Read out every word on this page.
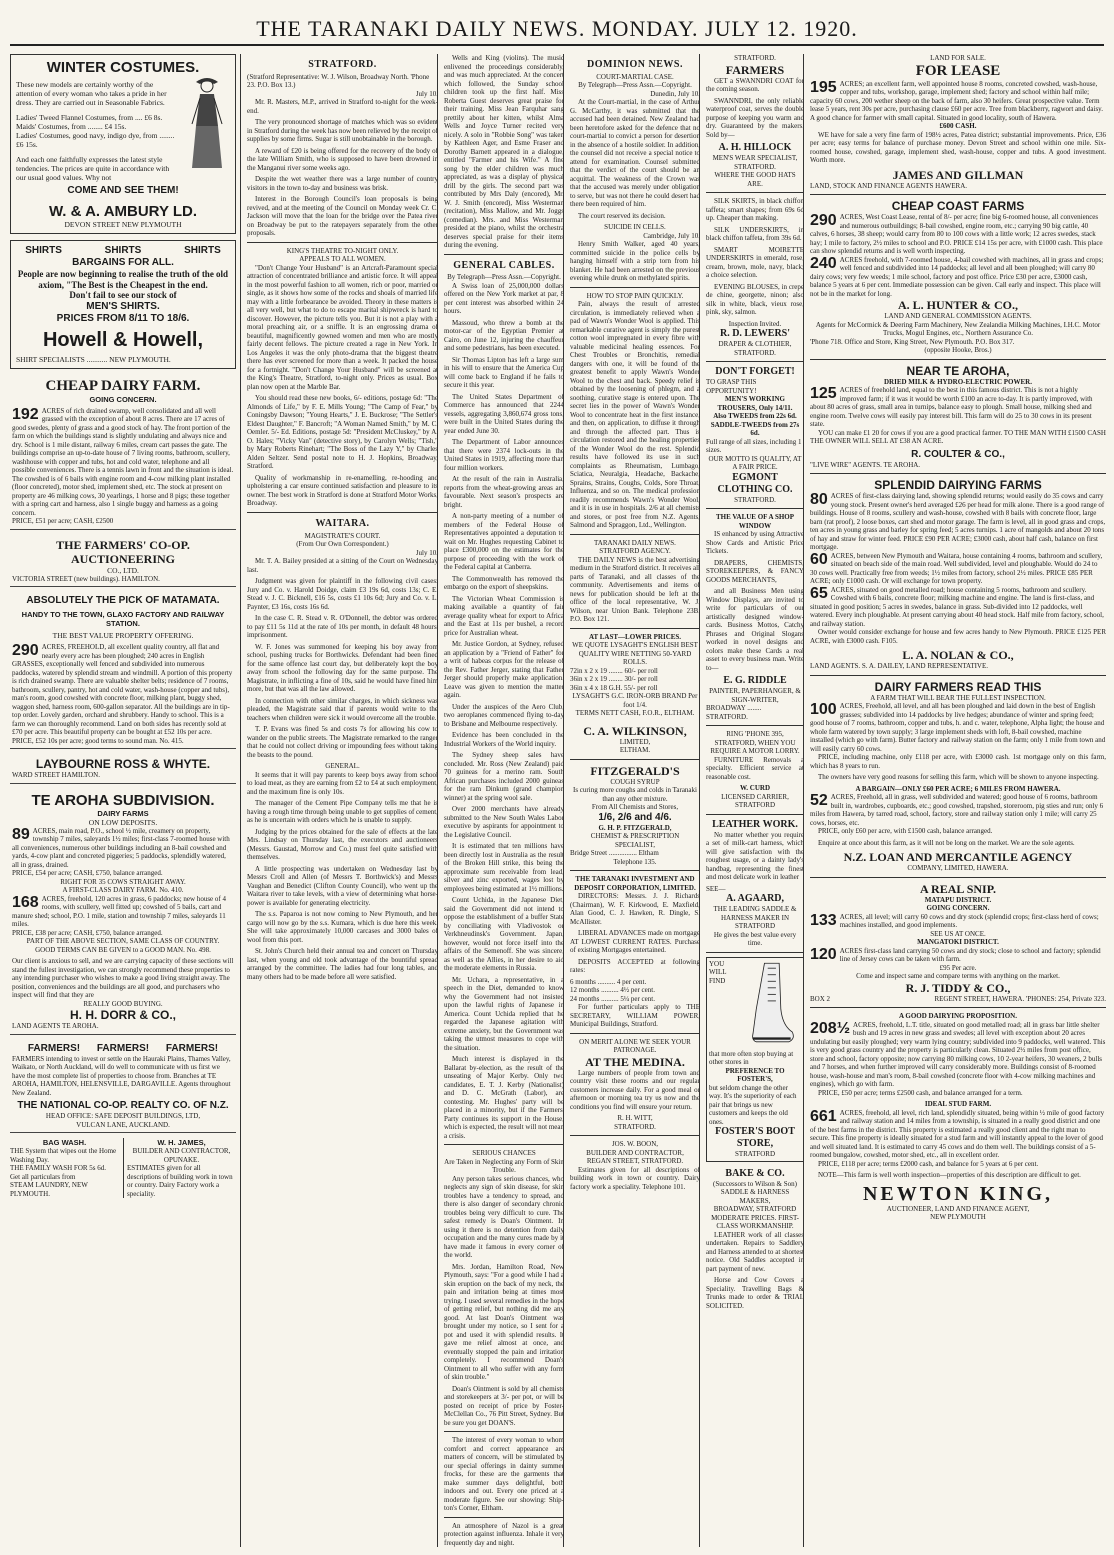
THE TARANAKI DAILY NEWS. MONDAY. JULY 12. 1920.
WINTER COSTUMES.
These new models are certainly worthy of the attention of every woman who takes a pride in her dress. They are carried out in Seasonable Fabrics.
Ladies' Tweed Flannel Costumes, from .... £6 8s.
Maids' Costumes, from ........ £4 15s.
Ladies' Costumes, good navy, indigo dye, from ........ £6 15s.
And each one faithfully expresses the latest style tendencies. The prices are quite in accordance with our usual good values. Why not
COME AND SEE THEM!
W. & A. AMBURY LD.
DEVON STREET NEW PLYMOUTH
SHIRTS SHIRTS SHIRTS
BARGAINS FOR ALL.
People are now beginning to realise the truth of the old axiom, "The Best is the Cheapest in the end.
Don't fail to see our stock of
MEN'S SHIRTS.
PRICES FROM 8/11 TO 18/6.
Howell & Howell,
SHIRT SPECIALISTS ........... NEW PLYMOUTH.
CHEAP DAIRY FARM.
GOING CONCERN.
192 ACRES of rich drained swamp, well consolidated and all well grassed with the exception of about 8 acres. There are 17 acres of good swedes, plenty of grass and a good stock of hay. The front portion of the farm on which the buildings stand is slightly undulating and always nice and dry. School is 1 mile distant, railway 6 miles, cream cart passes the gate. The buildings comprise an up-to-date house of 7 living rooms, bathroom, scullery, washhouse with copper and tubs, hot and cold water, telephone and all possible conveniences. There is a tennis lawn in front and the situation is ideal. The cowshed is of 6 bails with engine room and 4-cow milking plant installed (floor concreted), motor shed, implement shed, etc. The stock at present on property are 46 milking cows, 30 yearlings, 1 horse and 8 pigs; these together with a spring cart and harness, also 1 single buggy and harness as a going concern.
PRICE, £51 per acre; CASH, £2500
THE FARMERS' CO-OP. AUCTIONEERING
CO., LTD.
VICTORIA STREET (new buildings). HAMILTON.
ABSOLUTELY THE PICK OF MATAMATA.
HANDY TO THE TOWN, GLAXO FACTORY AND RAILWAY STATION.
THE BEST VALUE PROPERTY OFFERING.
290 ACRES, FREEHOLD, all excellent quality country, all flat and nearly every acre has been ploughed; 240 acres in English GRASSES, exceptionally well fenced and subdivided into numerous paddocks, watered by splendid stream and windmill. A portion of this property is rich drained swamp. There are valuable shelter belts; residence of 7 rooms, bathroom, scullery, pantry, hot and cold water, wash-house (copper and tubs), man's room, good cowshed with concrete floor, milking plant, buggy shed, waggon shed, harness room, 600-gallon separator. All the buildings are in tip-top order. Lovely garden, orchard and shrubbery. Handy to school. This is a farm we can thoroughly recommend. Land on both sides has recently sold at £70 per acre. This beautiful property can be bought at £52 10s per acre.
PRICE, £52 10s per acre; good terms to sound man. No. 415.
LAYBOURNE ROSS & WHYTE.
WARD STREET HAMILTON.
TE AROHA SUBDIVISION.
DAIRY FARMS
ON LOW DEPOSITS.
89 ACRES, main road, P.O., school ½ mile, creamery on property, township 7 miles, saleyards 1½ miles; first-class 7-roomed house with all conveniences, numerous other buildings including an 8-bail cowshed and yards, 4-cow plant and concreted piggeries; 5 paddocks, splendidly watered, all in grass, drained.
PRICE, £54 per acre; CASH, £750, balance arranged.
RIGHT FOR 35 COWS STRAIGHT AWAY.
A FIRST-CLASS DAIRY FARM. No. 410.
168 ACRES, freehold, 120 acres in grass, 6 paddocks; new house of 4 rooms, with scullery, well fitted up; cowshed of 5 bails, cart and manure shed; school, P.O. 1 mile, station and township 7 miles, saleyards 11 miles.
PRICE, £38 per acre; CASH, £750, balance arranged.
PART OF THE ABOVE SECTION, SAME CLASS OF COUNTRY.
GOOD TERMS CAN BE GIVEN to a GOOD MAN. No. 498.
Our client is anxious to sell, and we are carrying capacity of these sections will stand the fullest investigation, we can strongly recommend these properties to any intending purchaser who wishes to make a good living straight away. The position, conveniences and the buildings are all good, and purchasers who inspect will find that they are
REALLY GOOD BUYING.
H. H. DORR & CO.,
LAND AGENTS TE AROHA.
FARMERS! FARMERS! FARMERS!
FARMERS intending to invest or settle on the Hauraki Plains, Thames Valley, Waikato, or North Auckland, will do well to communicate with us first we have the most complete list of properties to choose from. Branches at TE AROHA, HAMILTON, HELENSVILLE, DARGAVILLE. Agents throughout New Zealand.
THE NATIONAL CO-OP. REALTY CO. OF N.Z.
HEAD OFFICE: SAFE DEPOSIT BUILDINGS, LTD,
VULCAN LANE, AUCKLAND.
BAG WASH.
THE System that wipes out the Home Washing Day.
THE FAMILY WASH FOR 5s 6d.
Get all particulars from
STEAM LAUNDRY, NEW PLYMOUTH.
W. H. JAMES,
BUILDER AND CONTRACTOR, OPUNAKE.
ESTIMATES given for all descriptions of building work in town or country. Dairy Factory work a speciality.
STRATFORD.
(Stratford Representative: W. J. Wilson, Broadway North. 'Phone 23. P.O. Box 13.)
July 10.

Mr. R. Masters, M.P., arrived in Stratford to-night for the week-end.

The very pronounced shortage of matches which was so evident in Stratford during the week has now been relieved by the receipt of supplies by some firms. Sugar is still unobtainable in the borough.

A reward of £20 is being offered for the recovery of the body of the late William Smith, who is supposed to have been drowned in the Manganui river some weeks ago.

Despite the wet weather there was a large number of country visitors in the town to-day and business was brisk.

Interest in the Borough Council's loan proposals is being revived, and at the meeting of the Council on Monday week Cr. C. Jackson will move that the loan for the bridge over the Patea river on Broadway be put to the ratepayers separately from the other proposals.

KING'S THEATRE TO-NIGHT ONLY.
APPEALS TO ALL WOMEN.

"Don't Change Your Husband" is an Artcraft-Paramount special attraction of concentrated brilliance and artistic force. It will appeal in the most powerful fashion to all women, rich or poor, married or single, as it shows how some of the rocks and shoals of married life may with a little forbearance be avoided. Theory in these matters is all very well, but what to do to escape marital shipwreck is hard to discover. However, the picture tells you. But it is not a play with a moral preaching air, or a sniffle. It is an engrossing drama of beautiful, magnificently gowned women and men who are mostly fairly decent fellows. The picture created a rage in New York. In Los Angeles it was the only photo-drama that the biggest theatre there has ever screened for more than a week. It packed the house for a fortnight. "Don't Change Your Husband" will be screened at the King's Theatre, Stratford, to-night only. Prices as usual. Box plan now open at the Marble Bar.

You should read these new books, 6/- editions, postage 6d: "The Almonds of Life," by F. E. Mills Young; "The Camp of Fear," by Coningsby Dawson; "Young Hearts," J. E. Buckrose; "The Settler's Eldest Daughter," F. Bancroft; "A Woman Named Smith," by M. C. Oemler. 5/- Ed. Editions, postage 5d: "President McCluskey," by A. O. Hales; "Vicky Van" (detective story), by Carolyn Wells; "Tish," by Mary Roberts Rinehart; "The Boss of the Lazy Y," by Charles Alden Seltzer. Send postal note to H. J. Hopkins, Broadway, Stratford.

Quality of workmanship in re-enamelling, re-hooding and upholstering a car ensure continued satisfaction and pleasure to its owner. The best work in Stratford is done at Stratford Motor Works, Broadway.

WAITARA.
MAGISTRATE'S COURT.
(From Our Own Correspondent.)
July 10.

Mr. T. A. Bailey presided at a sitting of the Court on Wednesday last.

Judgment was given for plaintiff in the following civil cases: Jury and Co. v. Harold Doidge, claim £3 19s 6d, costs 13s; C. E. Stead v. J. C. Bicknell, £16 5s, costs £1 10s 6d; Jury and Co. v. L. Paynter, £3 16s, costs 16s 6d.

In the case C. R. Stead v. R. O'Donnell, the debtor was ordered to pay £11 5s 11d at the rate of 10s per month, in default 48 hours' imprisonment.

W. F. Jones was summoned for keeping his boy away from school, pushing trucks for Borthwicks. Defendant had been fined for the same offence last court day, but deliberately kept the boy away from school the following day for the same purpose. The Magistrate, in inflicting a fine of 10s, said he would have fined him more, but that was all the law allowed.

In connection with other similar charges, in which sickness was pleaded, the Magistrate said that if parents would write to the teachers when children were sick it would overcome all the trouble.

T. P. Evans was fined 5s and costs 7s for allowing his cow to wander on the public streets. The Magistrate remarked to the ranger that he could not collect driving or impounding fees without taking the beasts to the pound.

GENERAL.

It seems that it will pay parents to keep boys away from school to load meat, as they are earning from £2 to £4 at such employment, and the maximum fine is only 10s.

The manager of the Cement Pipe Company tells me that he is having a rough time through being unable to get supplies of cement, as he is uncertain with orders which he is unable to supply.

Judging by the prices obtained for the sale of effects at the late Mrs. Lindsay on Thursday last, the executors and auctioneers (Messrs. Gaustad, Morrow and Co.) must feel quite satisfied with themselves.

A little prospecting was undertaken on Wednesday last by Messrs Croll and Allen (of Messrs T. Borthwick's) and Messrs Vaughan and Benedict (Clifton County Council), who went up the Waitara river to take levels, with a view of determining what horse-power is available for generating electricity.

The s.s. Paparoa is not now coming to New Plymouth, and her cargo will now go by the s.s. Kumara, which is due here this week. She will take approximately 10,000 carcases and 3000 bales of wool from this port.

St. John's Church held their annual tea and concert on Thursday last, when young and old took advantage of the bountiful spread arranged by the committee. The ladies had four long tables, and many others had to be made before all were satisfied.

Wells and King (violins). The music enlivened the proceedings considerably, and was much appreciated. At the concert which followed, the Sunday school children took up the first half. Miss Roberta Guest deserves great praise for their training. Miss Jean Farquhar sang prettily about her kitten, whilst Alma Wells and Joyce Turner recited very nicely. A solo in "Robbie Song" was taken by Kathleen Ager, and Esme Fraser and Dorothy Barnett appeared in a dialogue, entitled "Farmer and his Wife." A fine song by the elder children was much appreciated, as was a display of physical drill by the girls. The second part was contributed by Mrs Daly (encored), Mr. W. J. Smith (encored), Miss Westerman (recitation), Miss Mallow, and Mr. Joggs (comedian). Mrs. and Miss Westerman presided at the piano, whilst the orchestra deserves special praise for their items during the evening.

GENERAL CABLES.
By Telegraph—Press Assn.—Copyright.

A Swiss loan of 25,000,000 dollars offered on the New York market at par, 8 per cent interest was absorbed within 24 hours.

Massoud, who threw a bomb at the motor-car of the Egyptian Premier at Cairo, on June 12, injuring the chauffeur and some pedestrians, has been executed.

Sir Thomas Lipton has left a large sum in his will to ensure that the America Cup will come back to England if he fails to secure it this year.

The United States Department of Commerce has announced that 2244 vessels, aggregating 3,860,674 gross tons, were built in the United States during the year ended June 30.

The Department of Labor announces that there were 2374 lock-outs in the United States in 1919, affecting more than four million workers.

At the result of the rain in Australia, reports from the wheat-growing areas are favourable. Next season's prospects are bright.

A non-party meeting of a number of members of the Federal House of Representatives appointed a deputation to wait on Mr. Hughes requesting Cabinet to place £300,000 on the estimates for the purpose of proceeding with the work of the Federal capital at Canberra.

The Commonwealth has removed the embargo on the export of sheepskins.

The Victorian Wheat Commission is making available a quantity of fair average quality wheat for export to Africa and the East at 11s per bushel, a record price for Australian wheat.

Mr. Justice Gordon, at Sydney, refused an application by a "Friend of Father" for a writ of habeas corpus for the release of the Rev. Father Jerger, stating that Father Jerger should properly make application. Leave was given to mention the matter again.

Under the auspices of the Aero Club, two aeroplanes commenced flying to-day to Brisbane and Melbourne respectively.

Evidence has been concluded in the Industrial Workers of the World inquiry.

The Sydney sheep sales have concluded. Mr. Ross (New Zealand) paid 70 guineas for a merino ram. South African purchases included 2000 guineas for the ram Dinkum (grand champion winner) at the spring wool sale.

Over 2000 merchants have already submitted to the New South Wales Labor executive by aspirants for appointment to the Legislative Council.

It is estimated that ten millions have been directly lost in Australia as the result of the Broken Hill strike, this being the approximate sum receivable from lead, silver and zinc exported, wages lost by employees being estimated at 1½ millions.

Count Uchida, in the Japanese Diet, said the Government did not intend to oppose the establishment of a buffer State by conciliating with Vladivostok or Verkhneudinsk's Government. Japan, however, would not force itself into the affairs of the Semenoff. She was sincere, as well as the Allies, in her desire to aid the moderate elements in Russia.

Mr. Uchara, a representative, in a speech in the Diet, demanded to know why the Government had not insisted upon the lawful rights of Japanese in America. Count Uchida replied that he regarded the Japanese agitation with extreme anxiety, but the Government was taking the utmost measures to cope with the situation.

Much interest is displayed in the Ballarat by-election, as the result of the unseating of Major Kerby. Only two candidates, E. T. J. Kerby (Nationalist) and D. C. McGrath (Labor), are contesting. Mr. Hughes' party will be placed in a minority, but if the Farmers' Party continues its support in the House, which is expected, the result will not mean a crisis.

SERIOUS CHANCES
Are Taken in Neglecting any Form of Skin Trouble.

Any person takes serious chances, who neglects any sign of skin disease, for skin troubles have a tendency to spread, and there is also danger of secondary chronic troubles being very difficult to cure. The safest remedy is Doan's Ointment. In using it there is no detention from daily occupation and the many cures made by it have made it famous in every corner of the world.

Mrs. Jordan, Hamilton Road, New Plymouth, says: "For a good while I had a skin eruption on the back of my neck, the pain and irritation being at times most trying. I used several remedies in the hope of getting relief, but nothing did me any good. At last Doan's Ointment was brought under my notice, so I sent for a pot and used it with splendid results. It gave me relief almost at once, and eventually stopped the pain and irritation completely. I recommend Doan's Ointment to all who suffer with any form of skin trouble."

Doan's Ointment is sold by all chemists and storekeepers at 3/- per pot, or will be posted on receipt of price by Foster-McClellan Co., 76 Pitt Street, Sydney. But be sure you get DOAN'S.

The interest of every woman to whom comfort and correct appearance are matters of concern, will be stimulated by our special offerings in dainty summer frocks, for these are the garments that make summer days delightful, both indoors and out. Every one priced at a moderate figure. See our showing: Ship-ton's Corner, Eltham.

An atmosphere of Nazol is a great protection against influenza. Inhale it very frequently day and night.

DOMINION NEWS.
COURT-MARTIAL CASE.
By Telegraph—Press Assn.—Copyright.
Dunedin, July 10.

At the Court-martial, in the case of Arthur G. McCarthy, it was submitted that the accused had been detained. New Zealand had been heretofore asked for the defence that no court-martial to convict a person for desertion in the absence of a hostile soldier. In addition, the counsel did not receive a special notice to attend for examination. Counsel submitted that the verdict of the court should be an acquittal. The weakness of the Crown was that the accused was merely under obligation to serve, but was not there he could desert had there been required of him.

The court reserved its decision.

SUICIDE IN CELLS.
Cambridge, July 10.

Henry Smith Walker, aged 40 years, committed suicide in the police cells by hanging himself with a strip torn from his blanket. He had been arrested on the previous evening while drunk on methylated spirits.

HOW TO STOP PAIN QUICKLY.

Pain, always the result of arrested circulation, is immediately relieved when a pad of Wawn's Wonder Wool is applied. This remarkable curative agent is simply the purest cotton wool impregnated in every fibre with valuable medicinal healing essences. For Chest Troubles or Bronchitis, remedial dangers with one, it will be found of the greatest benefit to apply Wawn's Wonder Wool to the chest and back. Speedy relief is obtained by the loosening of phlegm, and a soothing, curative stage is entered upon. The secret lies in the power of Wawn's Wonder Wool to concentrate heat in the first instance, and then, on application, to diffuse it through and through the affected part. Thus is circulation restored and the healing properties of the Wonder Wool do the rest. Splendid results have followed its use in such complaints as Rheumatism, Lumbago, Sciatica, Neuralgia, Headache, Backache, Sprains, Strains, Coughs, Colds, Sore Throat, Influenza, and so on. The medical profession readily recommends Wawn's Wonder Wool, and it is in use in hospitals. 2/6 at all chemists and stores, or post free from N.Z. Agents, Salmond and Spraggon, Ltd., Wellington.

TARANAKI DAILY NEWS.
STRATFORD AGENCY.

THE DAILY NEWS is the best advertising medium in the Stratford district. It receives all parts of Taranaki, and all classes of the community. Advertisements and items of news for publication should be left at the office of the local representative, W. J. Wilson, near Union Bank. Telephone 23B. P.O. Box 121.

AT LAST—LOWER PRICES.
WE QUOTE LYSAGHT'S ENGLISH BEST QUALITY WIRE NETTING 50-YARD ROLLS.
72in x 2 x 19 ........ 60/- per roll
36in x 2 x 19 ........ 30/- per roll
36in x 4 x 18 G.H. 55/- per roll
LYSAGHT'S G.C. IRON-ORB BRAND Per foot 1/4.
TERMS NETT CASH, F.O.R., ELTHAM.
C. A. WILKINSON,
LIMITED,
ELTHAM.
FITZGERALD'S
COUGH SYRUP
Is curing more coughs and colds in Taranaki than any other mixture.
From All Chemists and Stores,
1/6, 2/6 and 4/6.
G. H. P. FITZGERALD,
CHEMIST & PRESCRIPTION SPECIALIST,
Bridge Street ................ Eltham
Telephone 135.
THE TARANAKI INVESTMENT AND DEPOSIT CORPORATION, LIMITED.

DIRECTORS: Messrs. J. J. Richards (Chairman), W. F. Kirkwood, E. Maxfield, Alan Good, C. J. Hawken, R. Dingle, S. McAllister.

LIBERAL ADVANCES made on mortgage AT LOWEST CURRENT RATES. Purchase of existing Mortgages entertained.

DEPOSITS ACCEPTED at following rates:

6 months .......... 4 per cent.
12 months .......... 4½ per cent.
24 months .......... 5¼ per cent.

For further particulars apply to THE SECRETARY, WILLIAM POWER, Municipal Buildings, Stratford.

ON MERIT ALONE WE SEEK YOUR PATRONAGE.
AT THE MEDINA.

Large numbers of people from town and country visit these rooms and our regular customers increase daily. For a good meal or afternoon or morning tea try us now and the conditions you find will ensure your return.

R. H. WITT,
STRATFORD.
JOS. W. BOON,
BUILDER AND CONTRACTOR,
REGAN STREET, STRATFORD.

Estimates given for all descriptions of building work in town or country. Dairy factory work a speciality. Telephone 101.

STRATFORD.
FARMERS

GET a SWANNDRI COAT for the coming season.

SWANNDRI, the only reliable waterproof coat, serves the double purpose of keeping you warm and dry. Guaranteed by the makers. Sold by—

A. H. HILLOCK
MEN'S WEAR SPECIALIST,
STRATFORD.
WHERE THE GOOD HATS ARE.

SILK SKIRTS, in black chiffon taffeta; smart shapes; from 69s 6d up. Cheaper than making.

SILK UNDERSKIRTS, in black chiffon taffeta, from 39s 6d.

SMART MOIRETTE UNDERSKIRTS in emerald, rose, cream, brown, mole, navy, black; a choice selection.

EVENING BLOUSES, in crepe de chine, georgette, ninon; also silk in white, black, vieux rose, pink, sky, salmon.

Inspection Invited.
R. D. LEWERS'
DRAPER & CLOTHIER,
STRATFORD.
DON'T FORGET!
TO GRASP THIS OPPORTUNITY!
MEN'S WORKING TROUSERS, Only 14/11.
Also TWEEDS from 22s 6d.
SADDLE-TWEEDS from 27s 6d.
Full range of all sizes, including 1 sizes.
OUR MOTTO IS QUALITY, AT A FAIR PRICE.
EGMONT CLOTHING CO.
STRATFORD.
THE VALUE OF A SHOP WINDOW

IS enhanced by using Attractive Show Cards and Artistic Price Tickets.

DRAPERS, CHEMISTS, STOREKEEPERS, & FANCY GOODS MERCHANTS,

and all Business Men using Window Displays, are invited to write for particulars of our artistically designed window-cards. Business Mottos, Catchy Phrases and Original Slogans worked in novel designs and colors make these Cards a real asset to every business man. Write to—

E. G. RIDDLE
PAINTER, PAPERHANGER, & SIGN-WRITER,
BROADWAY ........ STRATFORD.
RING 'PHONE 395, STRATFORD, WHEN YOU REQUIRE A MOTOR LORRY.

FURNITURE Removals a specialty. Efficient service at reasonable cost.

W. CURD
LICENSED CARRIER, STRATFORD
LEATHER WORK.

No matter whether you require a set of milk-cart harness, which will give satisfaction with the roughest usage, or a dainty lady's handbag, representing the finest and most delicate work in leather

SEE—
A. AGAARD,
THE LEADING SADDLE & HARNESS MAKER IN STRATFORD
He gives the best value every time.
YOU WILL FIND
that more often stop buying at other stores in
PREFERENCE TO FOSTER'S,
but seldom change the other way. It's the superiority of each pair that brings us new customers and keeps the old ones.
FOSTER'S BOOT STORE,
STRATFORD
BAKE & CO.
(Successors to Wilson & Son)
SADDLE & HARNESS MAKERS,
BROADWAY, STRATFORD
MODERATE PRICES. FIRST-CLASS WORKMANSHIP.

LEATHER work of all classes undertaken. Repairs to Saddlery and Harness attended to at shortest notice. Old Saddles accepted in part payment of new.

Horse and Cow Covers a Speciality. Travelling Bags & Trunks made to order & TRIAL SOLICITED.

LAND FOR SALE.
FOR LEASE
195 ACRES; an excellent farm, well appointed house 8 rooms, concreted cowshed, wash-house, copper and tubs, workshop, garage, implement shed; factory and school within half mile; capacity 60 cows, 200 wether sheep on the back of farm, also 30 heifers. Great prospective value. Term lease 5 years, rent 30s per acre, purchasing clause £60 per acre. Tree from blackberry, ragwort and daisy. A good chance for farmer with small capital. Situated in good locality, south of Hawera.
£600 CASH.

WE have for sale a very fine farm of 198½ acres, Patea district; substantial improvements. Price, £36 per acre; easy terms for balance of purchase money. Devon Street and school within one mile. Six-roomed house, cowshed, garage, implement shed, wash-house, copper and tubs. A good investment. Worth more.

JAMES AND GILLMAN
LAND, STOCK AND FINANCE AGENTS HAWERA.
CHEAP COAST FARMS
290 ACRES, West Coast Lease, rental of 8/- per acre; fine big 6-roomed house, all conveniences and numerous outbuildings; 8-bail cowshed, engine room, etc.; carrying 90 big cattle, 40 calves, 6 horses, 38 sheep; would carry from 80 to 100 cows with a little work; 12 acres swedes, stack hay; 1 mile to factory, 2½ miles to school and P.O. PRICE £14 15s per acre, with £1000 cash. This place can show splendid returns and is well worth inspecting.
240 ACRES freehold, with 7-roomed house, 4-bail cowshed with machines, all in grass and crops; well fenced and subdivided into 14 paddocks; all level and all been ploughed; will carry 80 dairy cows; very few weeds; 1 mile school, factory and post office. Price £30 per acre, £3000 cash, balance 5 years at 6 per cent. Immediate possession can be given. Call early and inspect. This place will not be in the market for long.
A. L. HUNTER & CO.,
LAND AND GENERAL COMMISSION AGENTS.
Agents for McCormick & Deering Farm Machinery, New Zealandia Milking Machines, I.H.C. Motor Trucks, Mogul Engines, etc., Northern Assurance Co.
'Phone 718. Office and Store, King Street, New Plymouth. P.O. Box 317.
(opposite Hooke, Bros.)
NEAR TE AROHA,
DRIED MILK & HYDRO-ELECTRIC POWER.
125 ACRES of freehold land, equal to the best in this famous district. This is not a highly improved farm; if it was it would be worth £100 an acre to-day. It is partly improved, with about 80 acres of grass, small area in turnips, balance easy to plough. Small house, milking shed and engine room. Twelve cows will easily pay interest bill. This farm will do 25 to 30 cows in its present state.

YOU can make £1 20 for cows if you are a good practical farmer. TO THE MAN WITH £1500 CASH THE OWNER WILL SELL AT £38 AN ACRE.

R. COULTER & CO.,
"LIVE WIRE" AGENTS. TE AROHA.
SPLENDID DAIRYING FARMS
80 ACRES of first-class dairying land, showing splendid returns; would easily do 35 cows and carry young stock. Present owner's herd averaged £26 per head for milk alone. There is a good range of buildings. House of 8 rooms, scullery and wash-house, cowshed with 8 bails with concrete floor, large barn (rat proof), 2 loose boxes, cart shed and motor garage. The farm is level, all in good grass and crops, ten acres in young grass and barley for spring feed; 5 acres turnips. 1 acre of mangolds and about 20 tons of hay and straw for winter feed. PRICE £90 PER ACRE; £3000 cash, about half cash, balance on first mortgage.
60 ACRES, between New Plymouth and Waitara, house containing 4 rooms, bathroom and scullery, situated on beach side of the main road. Well subdivided, level and ploughable. Would do 24 to 30 cows well. Practically free from weeds; 1½ miles from factory, school 2½ miles. PRICE £85 PER ACRE; only £1000 cash. Or will exchange for town property.
65 ACRES, situated on good metalled road; house containing 5 rooms, bathroom and scullery. Cowshed with 6 bails, concrete floor; milking machine and engine. The land is first-class, and situated in good position; 5 acres in swedes, balance in grass. Sub-divided into 12 paddocks, well watered. Every inch ploughable. At present carrying about 40 head stock. Half mile from factory, school, and railway station.

Owner would consider exchange for house and few acres handy to New Plymouth. PRICE £125 PER ACRE, with £3000 cash. F105.

L. A. NOLAN & CO.,
LAND AGENTS. S. A. DAILEY, LAND REPRESENTATIVE.
DAIRY FARMERS READ THIS
A FARM THAT WILL BEAR THE FULLEST INSPECTION.
100 ACRES, Freehold, all level, and all has been ploughed and laid down in the best of English grasses; subdivided into 14 paddocks by live hedges; abundance of winter and spring feed; good house of 7 rooms, bathroom, copper and tubs, h. and c. water, telephone, Alpha light; the house and whole farm watered by town supply; 3 large implement sheds with loft, 8-bail cowshed, machine installed (which go with farm). Butter factory and railway station on the farm; only 1 mile from town and will easily carry 60 cows.

PRICE, including machine, only £118 per acre, with £3000 cash. 1st mortgage only on this farm, which has 8 years to run.

The owners have very good reasons for selling this farm, which will be shown to anyone inspecting.

A BARGAIN—ONLY £60 PER ACRE; 6 MILES FROM HAWERA.
52 ACRES, Freehold, all in grass, well subdivided and watered; good house of 6 rooms, bathroom built in, wardrobes, cupboards, etc.; good cowshed, trapshed, storeroom, pig sties and run; only 6 miles from Hawera, by tarred road, school, factory, store and railway station only 1 mile; will carry 25 cows, horses, etc.

PRICE, only £60 per acre, with £1500 cash, balance arranged.

Enquire at once about this farm, as it will not be long on the market. We are the sole agents.

N.Z. LOAN AND MERCANTILE AGENCY
COMPANY, LIMITED, HAWERA.
A REAL SNIP.
MATAPU DISTRICT.
GOING CONCERN.
133 ACRES, all level; will carry 60 cows and dry stock (splendid crops; first-class herd of cows; machines installed, and good implements.
SEE US AT ONCE.
MANGATOKI DISTRICT.
120 ACRES first-class land carrying 50 cows and dry stock; close to school and factory; splendid line of Jersey cows can be taken with farm.
£95 Per acre.
Come and inspect same and compare terms with anything on the market.
R. J. TIDDY & CO.,
BOX 2	REGENT STREET, HAWERA. 'PHONES: 254, Private 323.
A GOOD DAIRYING PROPOSITION.
208½ ACRES, freehold, L.T. title, situated on good metalled road; all in grass bar little shelter bush and 19 acres in new grass and swedes; all level with exception about 20 acres undulating but easily ploughed; very warm lying country; subdivided into 9 paddocks, well watered. This is very good grass country and the property is particularly clean. Situated 2½ miles from post office, store and school, factory opposite; now carrying 80 milking cows, 10 2-year heifers, 30 weaners, 2 bulls and 7 horses, and when further improved will carry considerably more. Buildings consist of 8-roomed house, wash-house and man's room, 8-bail cowshed (concrete floor with 4-cow milking machines and engines), which go with farm.

PRICE, £50 per acre; terms £2500 cash, and balance arranged for a term.

IDEAL STUD FARM.
661 ACRES, freehold, all level, rich land, splendidly situated, being within ½ mile of good factory and railway station and 14 miles from a township, is situated in a really good district and one of the best farms in the district. This property is estimated a really good client and the right man to secure. This fine property is ideally situated for a stud farm and will instantly appeal to the lover of good and well situated land. It is estimated to carry 45 cows and do them well. The buildings consist of a 5-roomed bungalow, cowshed, motor shed, etc., all in excellent order.

PRICE, £118 per acre; terms £2000 cash, and balance for 5 years at 6 per cent.

NOTE—This farm is well worth inspection—properties of this description are difficult to get.

NEWTON KING,
AUCTIONEER, LAND AND FINANCE AGENT,
NEW PLYMOUTH
